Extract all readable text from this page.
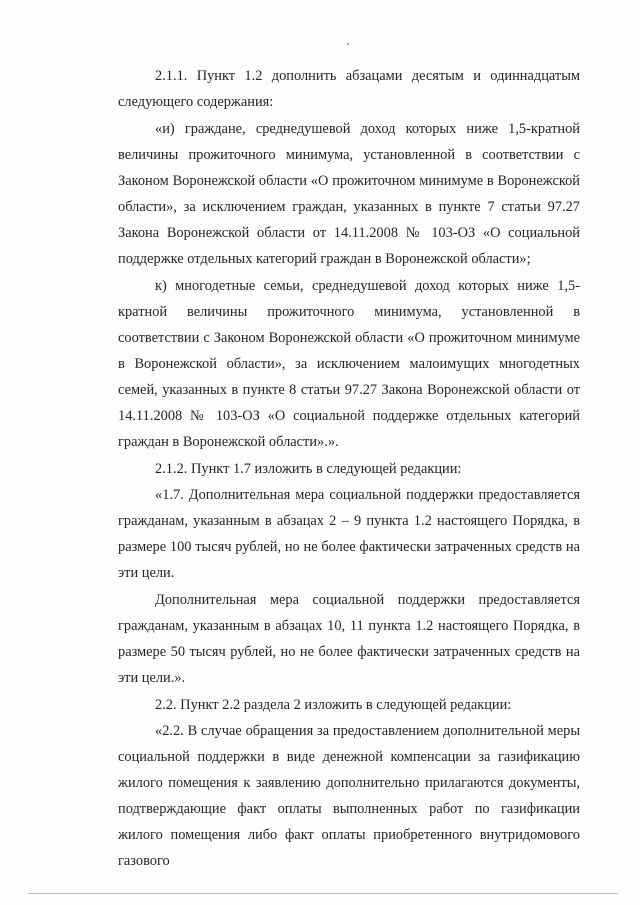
2.1.1. Пункт 1.2 дополнить абзацами десятым и одиннадцатым следующего содержания:

«и) граждане, среднедушевой доход которых ниже 1,5-кратной величины прожиточного минимума, установленной в соответствии с Законом Воронежской области «О прожиточном минимуме в Воронежской области», за исключением граждан, указанных в пункте 7 статьи 97.27 Закона Воронежской области от 14.11.2008 № 103-ОЗ «О социальной поддержке отдельных категорий граждан в Воронежской области»;

к) многодетные семьи, среднедушевой доход которых ниже 1,5-кратной величины прожиточного минимума, установленной в соответствии с Законом Воронежской области «О прожиточном минимуме в Воронежской области», за исключением малоимущих многодетных семей, указанных в пункте 8 статьи 97.27 Закона Воронежской области от 14.11.2008 № 103-ОЗ «О социальной поддержке отдельных категорий граждан в Воронежской области».».

2.1.2. Пункт 1.7 изложить в следующей редакции:

«1.7. Дополнительная мера социальной поддержки предоставляется гражданам, указанным в абзацах 2 – 9 пункта 1.2 настоящего Порядка, в размере 100 тысяч рублей, но не более фактически затраченных средств на эти цели.

Дополнительная мера социальной поддержки предоставляется гражданам, указанным в абзацах 10, 11 пункта 1.2 настоящего Порядка, в размере 50 тысяч рублей, но не более фактически затраченных средств на эти цели.».

2.2. Пункт 2.2 раздела 2 изложить в следующей редакции:

«2.2. В случае обращения за предоставлением дополнительной меры социальной поддержки в виде денежной компенсации за газификацию жилого помещения к заявлению дополнительно прилагаются документы, подтверждающие факт оплаты выполненных работ по газификации жилого помещения либо факт оплаты приобретенного внутридомового газового
